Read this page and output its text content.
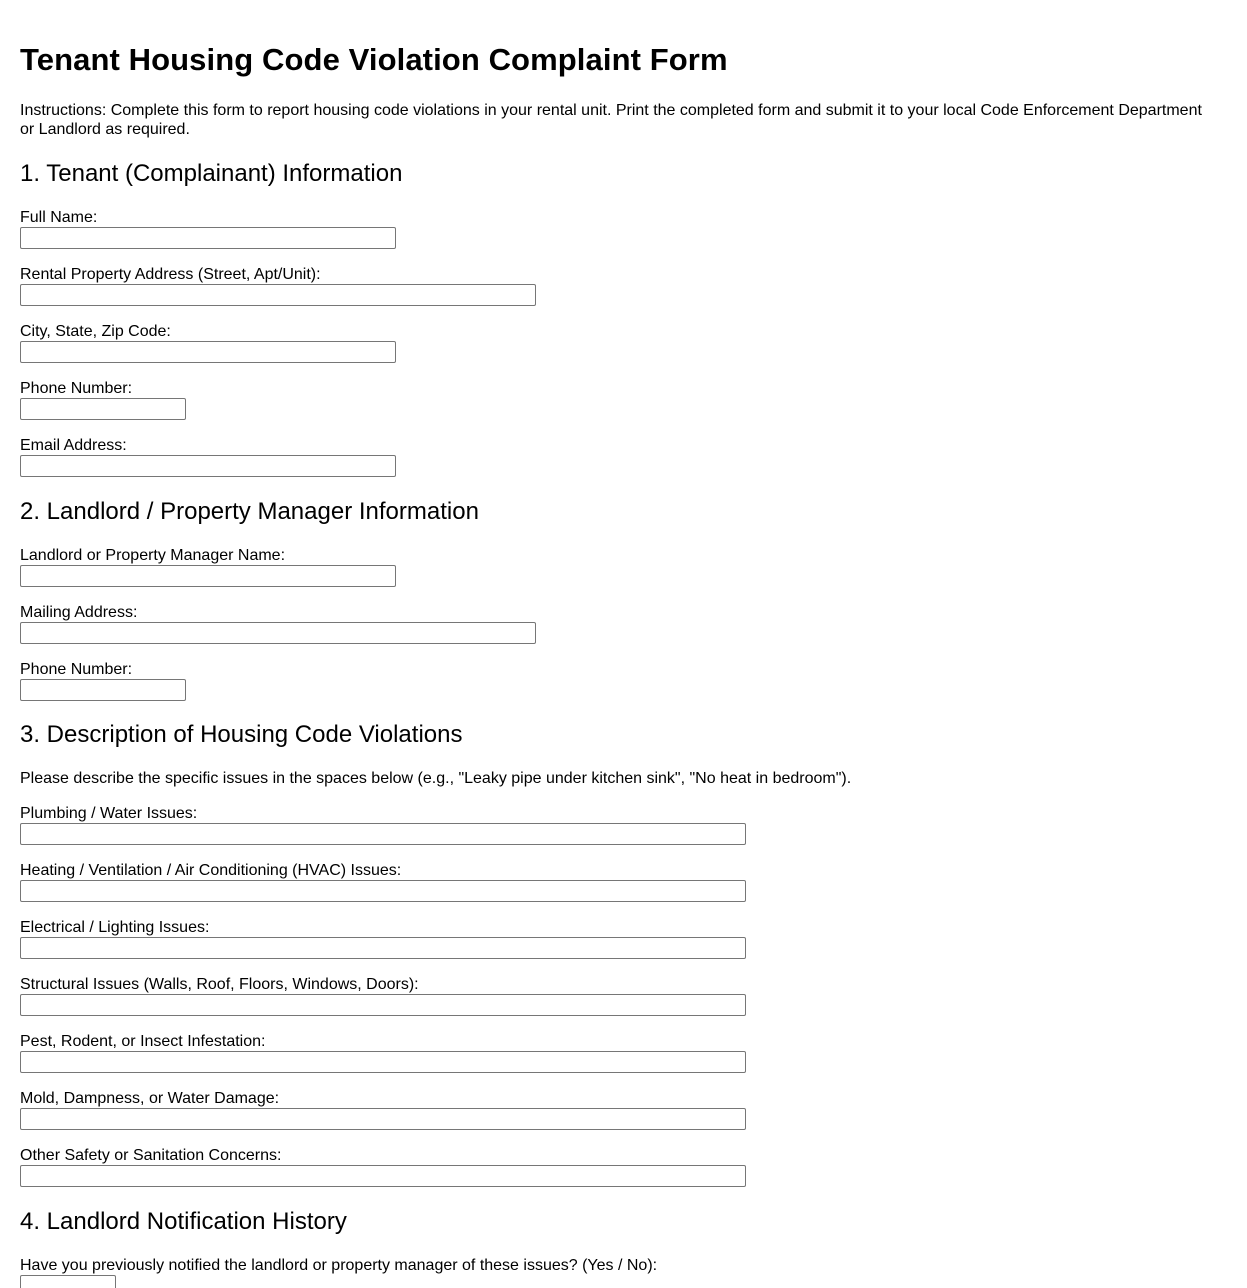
Tenant Housing Code Violation Complaint Form

Instructions: Complete this form to report housing code violations in your rental unit. Print the completed form and submit it to your local Code Enforcement Department or Landlord as required.

1. Tenant (Complainant) Information
Full Name:
Rental Property Address (Street, Apt/Unit):
City, State, Zip Code:
Phone Number:
Email Address:
2. Landlord / Property Manager Information
Landlord or Property Manager Name:
Mailing Address:
Phone Number:
3. Description of Housing Code Violations

Please describe the specific issues in the spaces below (e.g., "Leaky pipe under kitchen sink", "No heat in bedroom").

Plumbing / Water Issues:
Heating / Ventilation / Air Conditioning (HVAC) Issues:
Electrical / Lighting Issues:
Structural Issues (Walls, Roof, Floors, Windows, Doors):
Pest, Rodent, or Insect Infestation:
Mold, Dampness, or Water Damage:
Other Safety or Sanitation Concerns:
4. Landlord Notification History
Have you previously notified the landlord or property manager of these issues? (Yes / No):
